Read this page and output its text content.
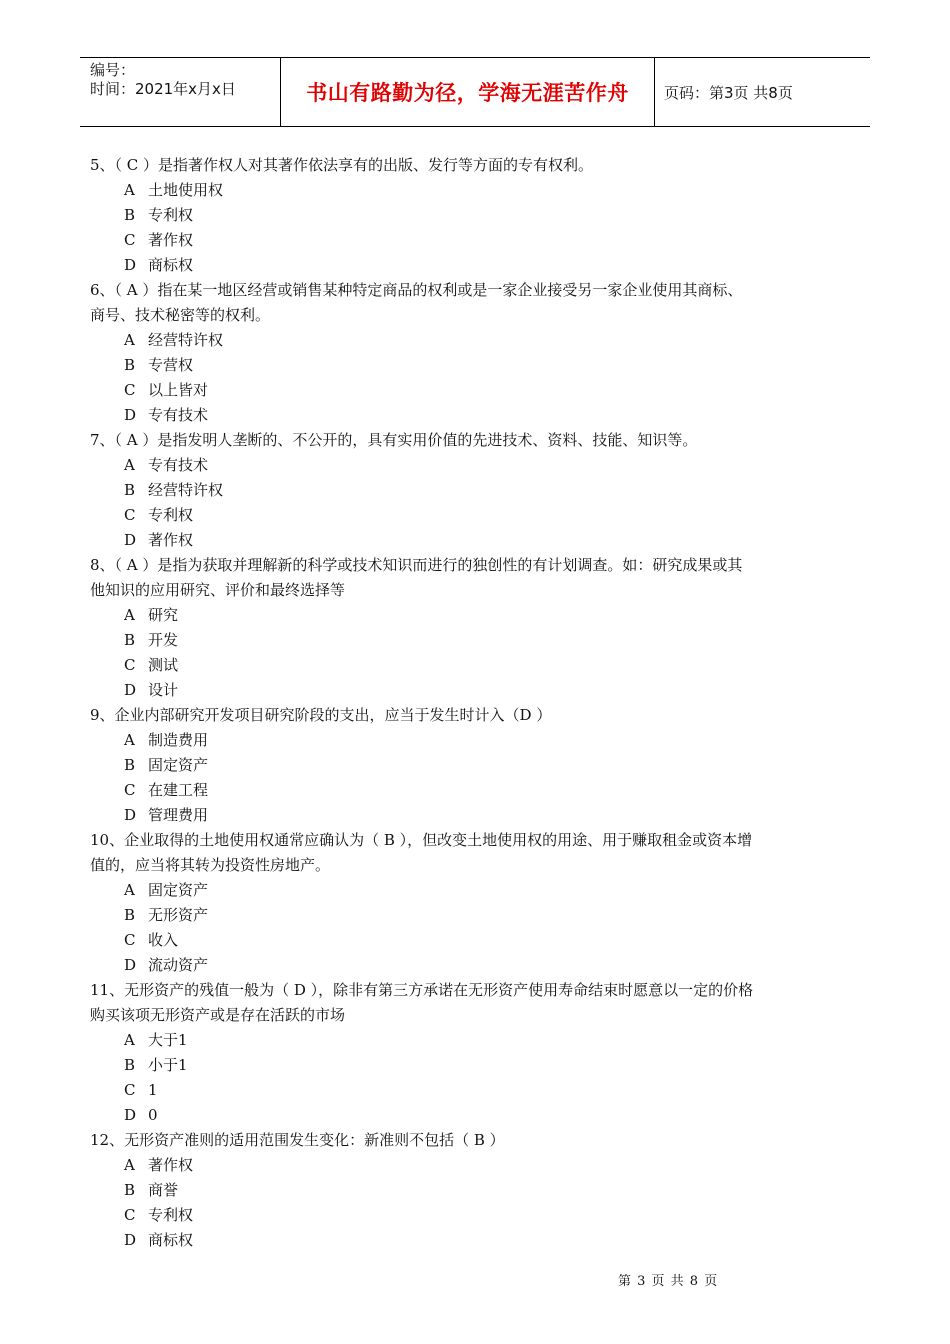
编号：
时间：2021年x月x日	书山有路勤为径，学海无涯苦作舟	页码：第3页 共8页
5、（ C ）是指著作权人对其著作依法享有的出版、发行等方面的专有权利。
A 土地使用权
B 专利权
C 著作权
D 商标权
6、（ A ）指在某一地区经营或销售某种特定商品的权利或是一家企业接受另一家企业使用其商标、
商号、技术秘密等的权利。
A 经营特许权
B 专营权
C 以上皆对
D 专有技术
7、（ A ）是指发明人垄断的、不公开的，具有实用价值的先进技术、资料、技能、知识等。
A 专有技术
B 经营特许权
C 专利权
D 著作权
8、（ A ）是指为获取并理解新的科学或技术知识而进行的独创性的有计划调查。如：研究成果或其
他知识的应用研究、评价和最终选择等
A 研究
B 开发
C 测试
D 设计
9、企业内部研究开发项目研究阶段的支出，应当于发生时计入（D ）
A 制造费用
B 固定资产
C 在建工程
D 管理费用
10、企业取得的土地使用权通常应确认为（ B ），但改变土地使用权的用途、用于赚取租金或资本增
值的，应当将其转为投资性房地产。
A 固定资产
B 无形资产
C 收入
D 流动资产
11、无形资产的残值一般为（ D ），除非有第三方承诺在无形资产使用寿命结束时愿意以一定的价格
购买该项无形资产或是存在活跃的市场
A 大于1
B 小于1
C 1
D 0
12、无形资产准则的适用范围发生变化：新准则不包括（ B ）
A 著作权
B 商誉
C 专利权
D 商标权
第 3 页 共 8 页
